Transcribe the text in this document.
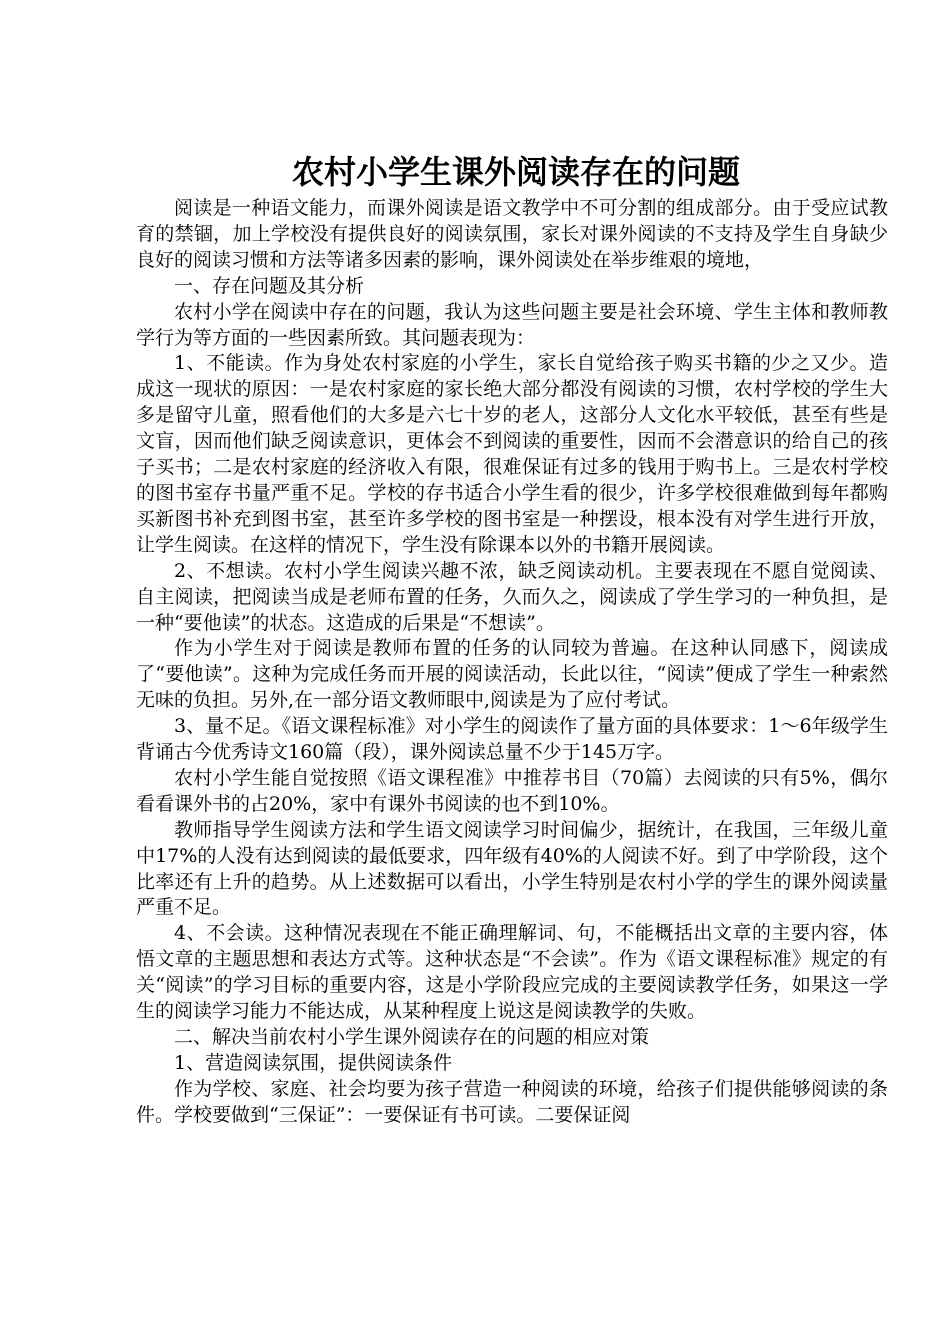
农村小学生课外阅读存在的问题

阅读是一种语文能力，而课外阅读是语文教学中不可分割的组成部分。由于受应试教育的禁锢，加上学校没有提供良好的阅读氛围，家长对课外阅读的不支持及学生自身缺少良好的阅读习惯和方法等诸多因素的影响，课外阅读处在举步维艰的境地，

一、存在问题及其分析

农村小学在阅读中存在的问题，我认为这些问题主要是社会环境、学生主体和教师教学行为等方面的一些因素所致。其问题表现为：

1、不能读。作为身处农村家庭的小学生，家长自觉给孩子购买书籍的少之又少。造成这一现状的原因：一是农村家庭的家长绝大部分都没有阅读的习惯，农村学校的学生大多是留守儿童，照看他们的大多是六七十岁的老人，这部分人文化水平较低，甚至有些是文盲，因而他们缺乏阅读意识，更体会不到阅读的重要性，因而不会潜意识的给自己的孩子买书；二是农村家庭的经济收入有限，很难保证有过多的钱用于购书上。三是农村学校的图书室存书量严重不足。学校的存书适合小学生看的很少，许多学校很难做到每年都购买新图书补充到图书室，甚至许多学校的图书室是一种摆设，根本没有对学生进行开放，让学生阅读。在这样的情况下，学生没有除课本以外的书籍开展阅读。

2、不想读。农村小学生阅读兴趣不浓，缺乏阅读动机。主要表现在不愿自觉阅读、自主阅读，把阅读当成是老师布置的任务，久而久之，阅读成了学生学习的一种负担，是一种“要他读”的状态。这造成的后果是“不想读”。

作为小学生对于阅读是教师布置的任务的认同较为普遍。在这种认同感下，阅读成了“要他读”。这种为完成任务而开展的阅读活动，长此以往，“阅读”便成了学生一种索然无味的负担。另外,在一部分语文教师眼中,阅读是为了应付考试。

3、量不足。《语文课程标准》对小学生的阅读作了量方面的具体要求：1～6年级学生背诵古今优秀诗文160篇（段），课外阅读总量不少于145万字。

农村小学生能自觉按照《语文课程准》中推荐书目（70篇）去阅读的只有5%，偶尔看看课外书的占20%，家中有课外书阅读的也不到10%。

教师指导学生阅读方法和学生语文阅读学习时间偏少，据统计，在我国，三年级儿童中17%的人没有达到阅读的最低要求，四年级有40%的人阅读不好。到了中学阶段，这个比率还有上升的趋势。从上述数据可以看出，小学生特别是农村小学的学生的课外阅读量严重不足。

4、不会读。这种情况表现在不能正确理解词、句，不能概括出文章的主要内容，体悟文章的主题思想和表达方式等。这种状态是“不会读”。作为《语文课程标准》规定的有关“阅读”的学习目标的重要内容，这是小学阶段应完成的主要阅读教学任务，如果这一学生的阅读学习能力不能达成，从某种程度上说这是阅读教学的失败。

二、解决当前农村小学生课外阅读存在的问题的相应对策

1、营造阅读氛围，提供阅读条件

作为学校、家庭、社会均要为孩子营造一种阅读的环境，给孩子们提供能够阅读的条件。学校要做到“三保证”：一要保证有书可读。二要保证阅
